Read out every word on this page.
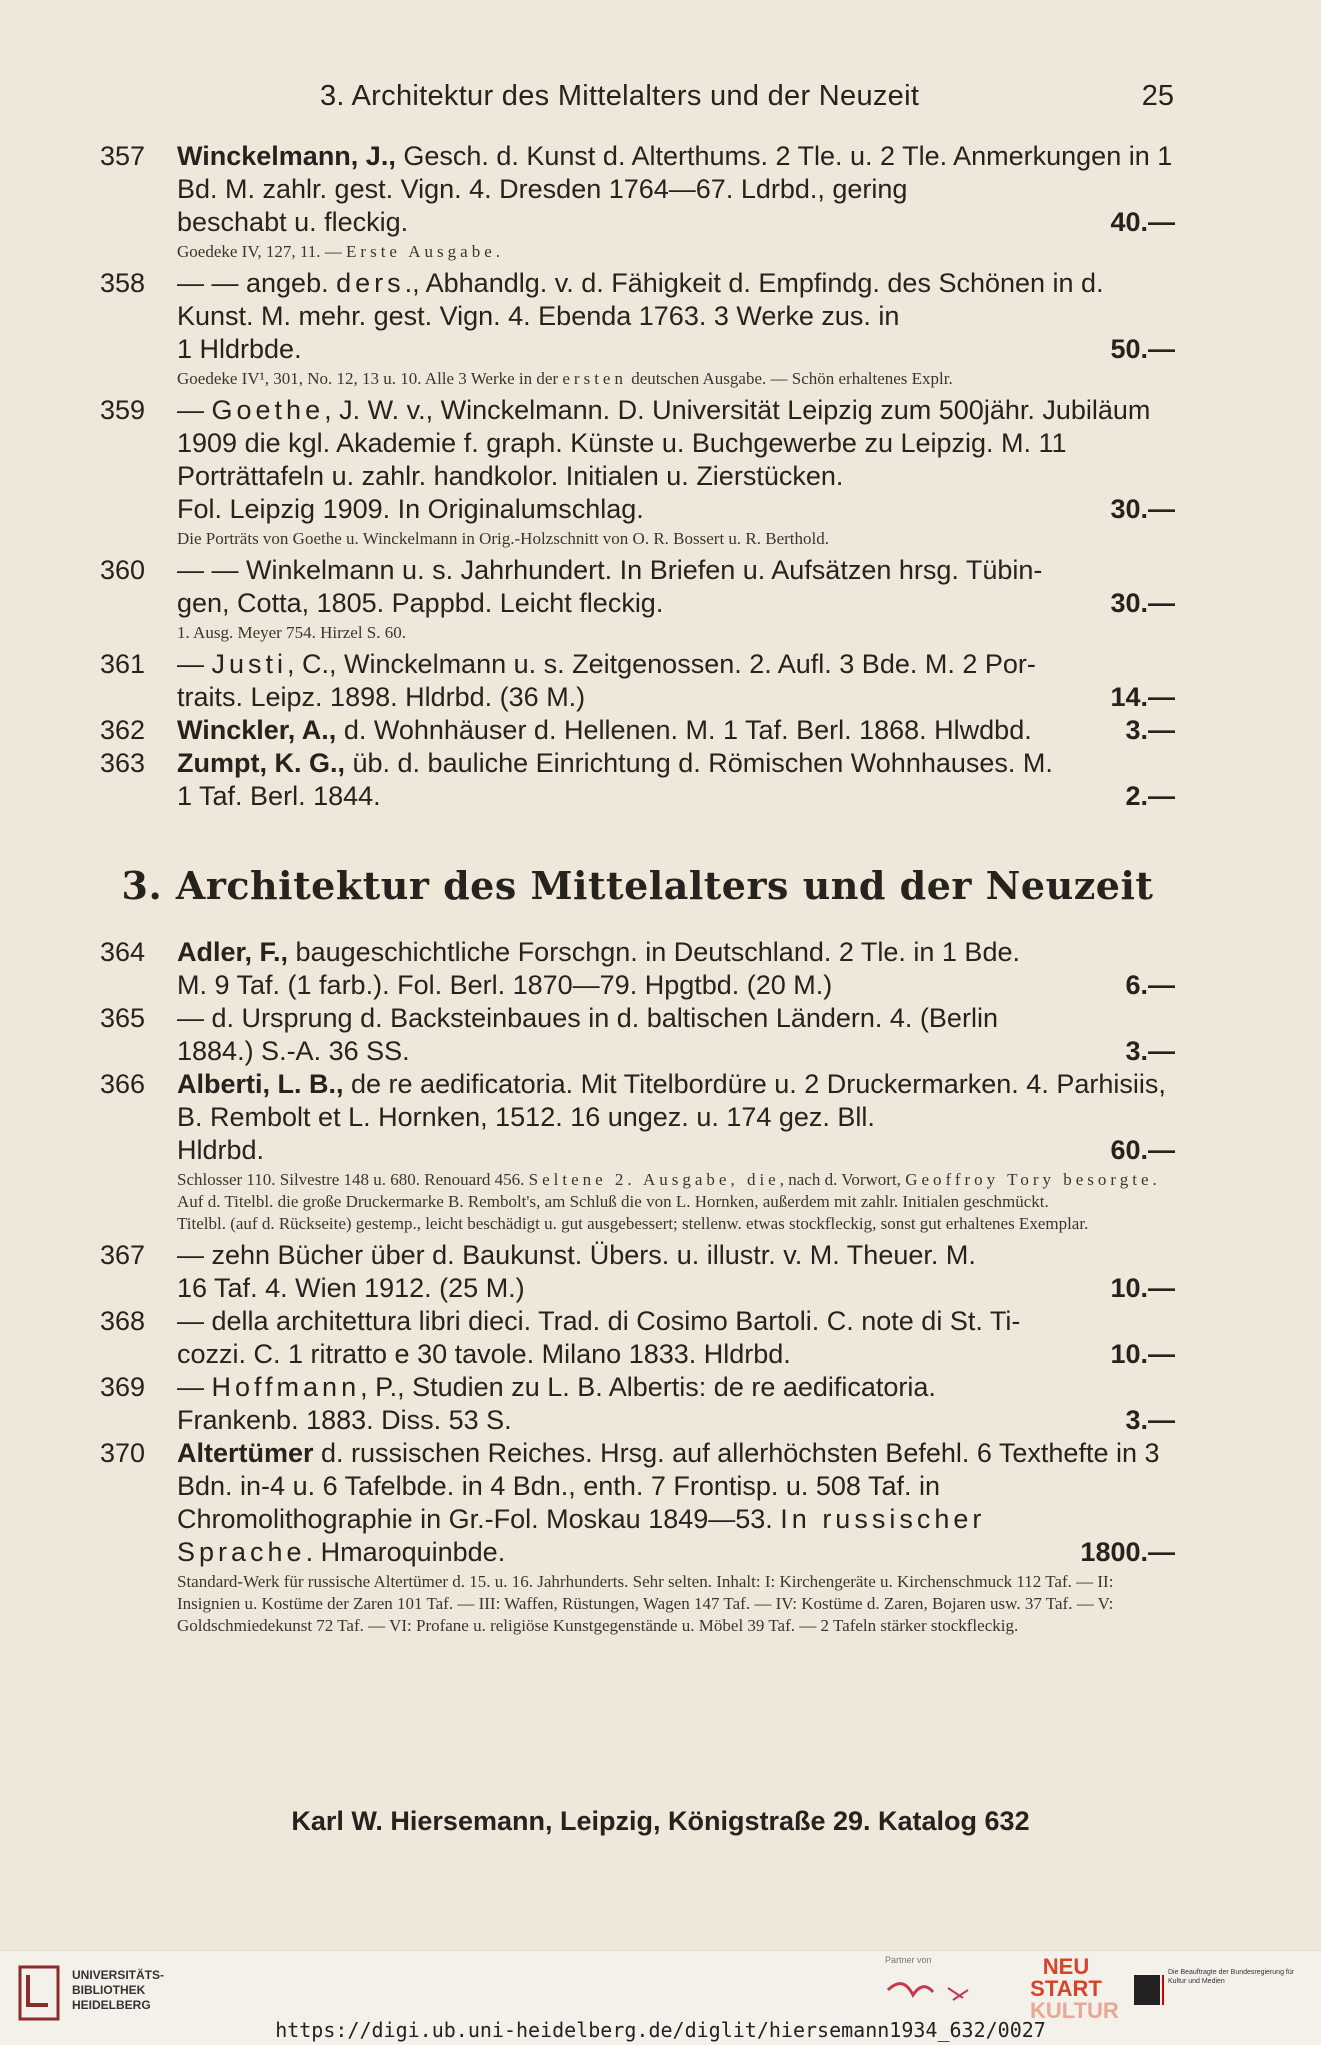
3. Architektur des Mittelalters und der Neuzeit	25
357	Winckelmann, J., Gesch. d. Kunst d. Alterthums. 2 Tle. u. 2 Tle. Anmerkungen in 1 Bd. M. zahlr. gest. Vign. 4. Dresden 1764—67. Ldrbd., gering
beschabt u. fleckig.	40.—

Goedeke IV, 127, 11. — Erste Ausgabe.

358	— — angeb. ders., Abhandlg. v. d. Fähigkeit d. Empfindg. des Schönen in d. Kunst. M. mehr. gest. Vign. 4. Ebenda 1763. 3 Werke zus. in
1 Hldrbde.	50.—

Goedeke IV¹, 301, No. 12, 13 u. 10. Alle 3 Werke in der ersten deutschen Ausgabe. — Schön erhaltenes Explr.

359	— Goethe, J. W. v., Winckelmann. D. Universität Leipzig zum 500jähr. Jubiläum 1909 die kgl. Akademie f. graph. Künste u. Buchgewerbe zu Leipzig. M. 11 Porträttafeln u. zahlr. handkolor. Initialen u. Zierstücken.
Fol. Leipzig 1909. In Originalumschlag.	30.—

Die Porträts von Goethe u. Winckelmann in Orig.-Holzschnitt von O. R. Bossert u. R. Berthold.

360	— — Winkelmann u. s. Jahrhundert. In Briefen u. Aufsätzen hrsg. Tübin-
gen, Cotta, 1805. Pappbd. Leicht fleckig.	30.—

1. Ausg. Meyer 754. Hirzel S. 60.

361	— Justi, C., Winckelmann u. s. Zeitgenossen. 2. Aufl. 3 Bde. M. 2 Por-
traits. Leipz. 1898. Hldrbd. (36 M.)	14.—
362	Winckler, A., d. Wohnhäuser d. Hellenen. M. 1 Taf. Berl. 1868. Hlwdbd.	3.—
363	Zumpt, K. G., üb. d. bauliche Einrichtung d. Römischen Wohnhauses. M.
1 Taf. Berl. 1844.	2.—
3. Architektur des Mittelalters und der Neuzeit
364	Adler, F., baugeschichtliche Forschgn. in Deutschland. 2 Tle. in 1 Bde.
M. 9 Taf. (1 farb.). Fol. Berl. 1870—79. Hpgtbd. (20 M.)	6.—
365	— d. Ursprung d. Backsteinbaues in d. baltischen Ländern. 4. (Berlin
1884.) S.-A. 36 SS.	3.—
366	Alberti, L. B., de re aedificatoria. Mit Titelbordüre u. 2 Druckermarken. 4. Parhisiis, B. Rembolt et L. Hornken, 1512. 16 ungez. u. 174 gez. Bll.
Hldrbd.	60.—

Schlosser 110. Silvestre 148 u. 680. Renouard 456. Seltene 2. Ausgabe, die, nach d. Vorwort, Geoffroy Tory besorgte. Auf d. Titelbl. die große Druckermarke B. Rembolt's, am Schluß die von L. Hornken, außerdem mit zahlr. Initialen geschmückt.

Titelbl. (auf d. Rückseite) gestemp., leicht beschädigt u. gut ausgebessert; stellenw. etwas stockfleckig, sonst gut erhaltenes Exemplar.

367	— zehn Bücher über d. Baukunst. Übers. u. illustr. v. M. Theuer. M.
16 Taf. 4. Wien 1912. (25 M.)	10.—
368	— della architettura libri dieci. Trad. di Cosimo Bartoli. C. note di St. Ti-
cozzi. C. 1 ritratto e 30 tavole. Milano 1833. Hldrbd.	10.—
369	— Hoffmann, P., Studien zu L. B. Albertis: de re aedificatoria.
Frankenb. 1883. Diss. 53 S.	3.—
370	Altertümer d. russischen Reiches. Hrsg. auf allerhöchsten Befehl. 6 Texthefte in 3 Bdn. in-4 u. 6 Tafelbde. in 4 Bdn., enth. 7 Frontisp. u. 508 Taf. in Chromolithographie in Gr.-Fol. Moskau 1849—53. In russischer
Sprache. Hmaroquinbde.	1800.—

Standard-Werk für russische Altertümer d. 15. u. 16. Jahrhunderts. Sehr selten. Inhalt: I: Kirchengeräte u. Kirchenschmuck 112 Taf. — II: Insignien u. Kostüme der Zaren 101 Taf. — III: Waffen, Rüstungen, Wagen 147 Taf. — IV: Kostüme d. Zaren, Bojaren usw. 37 Taf. — V: Goldschmiedekunst 72 Taf. — VI: Profane u. religiöse Kunstgegenstände u. Möbel 39 Taf. — 2 Tafeln stärker stockfleckig.

Karl W. Hiersemann, Leipzig, Königstraße 29. Katalog 632
UNIVERSITÄTS-
BIBLIOTHEK
HEIDELBERG
Partner von	NEU
START
KULTUR
Die Beauftragte der Bundesregierung für Kultur und Medien
https://digi.ub.uni-heidelberg.de/diglit/hiersemann1934_632/0027
